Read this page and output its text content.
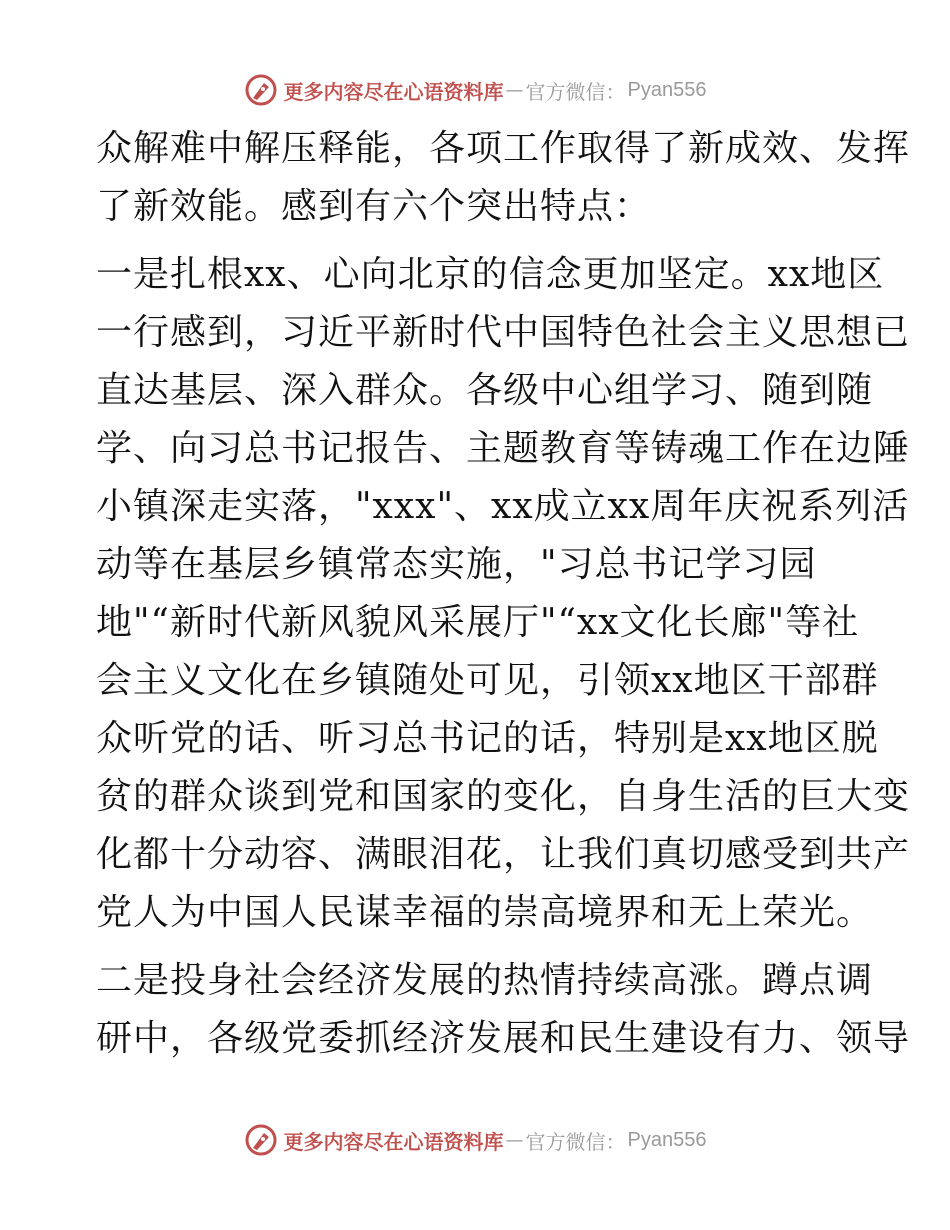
更多内容尽在心语资料库 — 官方微信： Pyan556
众解难中解压释能，各项工作取得了新成效、发挥
了新效能。感到有六个突出特点：
一是扎根xx、心向北京的信念更加坚定。xx地区
一行感到，习近平新时代中国特色社会主义思想已
直达基层、深入群众。各级中心组学习、随到随
学、向习总书记报告、主题教育等铸魂工作在边陲
小镇深走实落，"xxx"、xx成立xx周年庆祝系列活
动等在基层乡镇常态实施，"习总书记学习园
地"“新时代新风貌风采展厅"“xx文化长廊"等社
会主义文化在乡镇随处可见，引领xx地区干部群
众听党的话、听习总书记的话，特别是xx地区脱
贫的群众谈到党和国家的变化，自身生活的巨大变
化都十分动容、满眼泪花，让我们真切感受到共产
党人为中国人民谋幸福的崇高境界和无上荣光。
二是投身社会经济发展的热情持续高涨。蹲点调
研中，各级党委抓经济发展和民生建设有力、领导
更多内容尽在心语资料库 — 官方微信： Pyan556
